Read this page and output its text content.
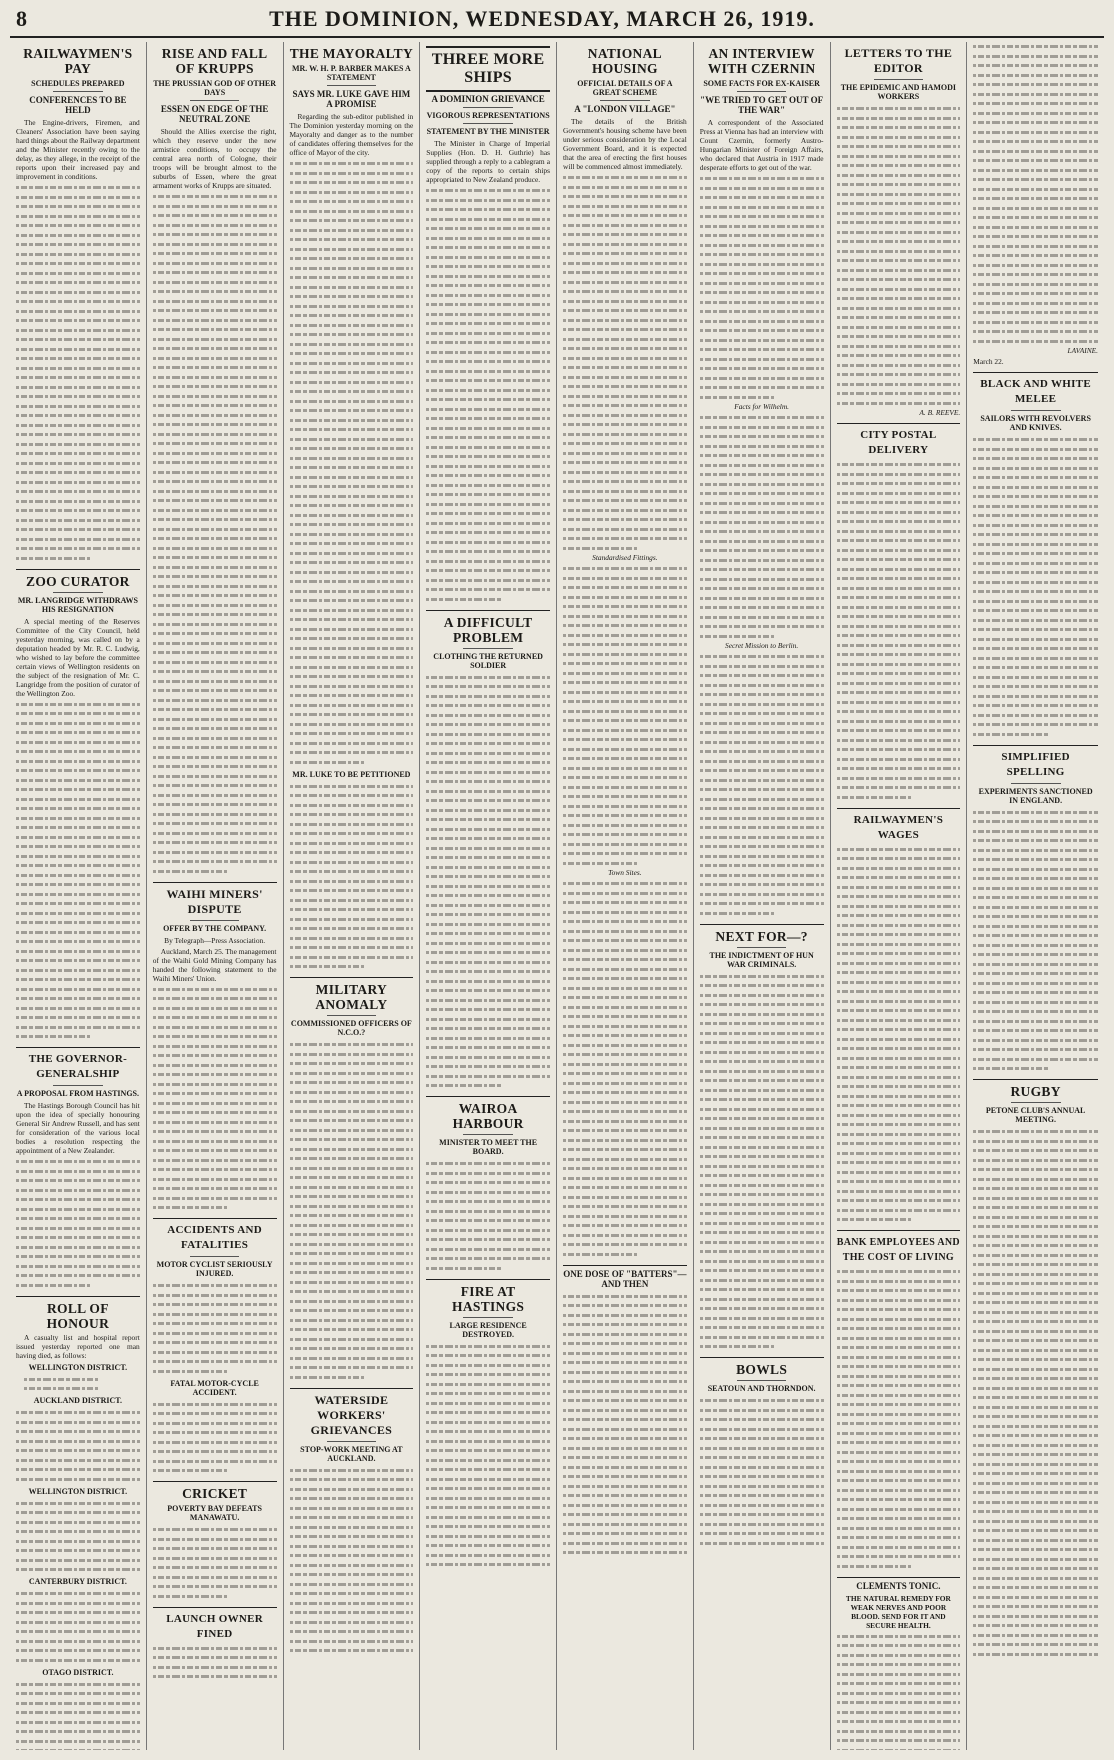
8	THE DOMINION, WEDNESDAY, MARCH 26, 1919.
RAILWAYMEN'S PAY
SCHEDULES PREPARED
CONFERENCES TO BE HELD

The Engine-drivers, Firemen, and Cleaners' Association have been saying hard things about the Railway department and the Minister recently owing to the delay, as they allege, in the receipt of the reports upon their increased pay and improvement in conditions.

ZOO CURATOR
MR. LANGRIDGE WITHDRAWS HIS RESIGNATION

A special meeting of the Reserves Committee of the City Council, held yesterday morning, was called on by a deputation headed by Mr. R. C. Ludwig, who wished to lay before the committee certain views of Wellington residents on the subject of the resignation of Mr. C. Langridge from the position of curator of the Wellington Zoo.

THE GOVERNOR-GENERALSHIP
A PROPOSAL FROM HASTINGS.

The Hastings Borough Council has hit upon the idea of specially honouring General Sir Andrew Russell, and has sent for consideration of the various local bodies a resolution respecting the appointment of a New Zealander.

ROLL OF HONOUR

A casualty list and hospital report issued yesterday reported one man having died, as follows:

WELLINGTON DISTRICT.
AUCKLAND DISTRICT.
WELLINGTON DISTRICT.
CANTERBURY DISTRICT.
OTAGO DISTRICT.
RISE AND FALL OF KRUPPS
THE PRUSSIAN GOD OF OTHER DAYS
ESSEN ON EDGE OF THE NEUTRAL ZONE

Should the Allies exercise the right, which they reserve under the new armistice conditions, to occupy the central area north of Cologne, their troops will be brought almost to the suburbs of Essen, where the great armament works of Krupps are situated.

WAIHI MINERS' DISPUTE
OFFER BY THE COMPANY.

By Telegraph—Press Association.

Auckland, March 25. The management of the Waihi Gold Mining Company has handed the following statement to the Waihi Miners' Union.

ACCIDENTS AND FATALITIES
MOTOR CYCLIST SERIOUSLY INJURED.
FATAL MOTOR-CYCLE ACCIDENT.
CRICKET
POVERTY BAY DEFEATS MANAWATU.
LAUNCH OWNER FINED
THE MAYORALTY
MR. W. H. P. BARBER MAKES A STATEMENT
SAYS MR. LUKE GAVE HIM A PROMISE

Regarding the sub-editor published in The Dominion yesterday morning on the Mayoralty and danger as to the number of candidates offering themselves for the office of Mayor of the city.

MR. LUKE TO BE PETITIONED
MILITARY ANOMALY
COMMISSIONED OFFICERS OF N.C.O.?
WATERSIDE WORKERS' GRIEVANCES
STOP-WORK MEETING AT AUCKLAND.
THREE MORE SHIPS
A DOMINION GRIEVANCE
VIGOROUS REPRESENTATIONS
STATEMENT BY THE MINISTER

The Minister in Charge of Imperial Supplies (Hon. D. H. Guthrie) has supplied through a reply to a cablegram a copy of the reports to certain ships appropriated to New Zealand produce.

A DIFFICULT PROBLEM
CLOTHING THE RETURNED SOLDIER
WAIROA HARBOUR
MINISTER TO MEET THE BOARD.
FIRE AT HASTINGS
LARGE RESIDENCE DESTROYED.
NATIONAL HOUSING
OFFICIAL DETAILS OF A GREAT SCHEME
A "LONDON VILLAGE"

The details of the British Government's housing scheme have been under serious consideration by the Local Government Board, and it is expected that the area of erecting the first houses will be commenced almost immediately.

Standardised Fittings.

Town Sites.

ONE DOSE OF "BATTERS"— AND THEN
AN INTERVIEW WITH CZERNIN
SOME FACTS FOR EX-KAISER
"WE TRIED TO GET OUT OF THE WAR"

A correspondent of the Associated Press at Vienna has had an interview with Count Czernin, formerly Austro-Hungarian Minister of Foreign Affairs, who declared that Austria in 1917 made desperate efforts to get out of the war.

Facts for Wilhelm.

Secret Mission to Berlin.

NEXT FOR—?
THE INDICTMENT OF HUN WAR CRIMINALS.
BOWLS
SEATOUN AND THORNDON.
LETTERS TO THE EDITOR
THE EPIDEMIC AND HAMODI WORKERS

A. B. REEVE.

CITY POSTAL DELIVERY
RAILWAYMEN'S WAGES
BANK EMPLOYEES AND THE COST OF LIVING
CLEMENTS TONIC.

THE NATURAL REMEDY FOR WEAK NERVES AND POOR BLOOD. SEND FOR IT AND SECURE HEALTH.

LAVAINE.

March 22.

BLACK AND WHITE MELEE
SAILORS WITH REVOLVERS AND KNIVES.
SIMPLIFIED SPELLING
EXPERIMENTS SANCTIONED IN ENGLAND.
RUGBY
PETONE CLUB'S ANNUAL MEETING.
